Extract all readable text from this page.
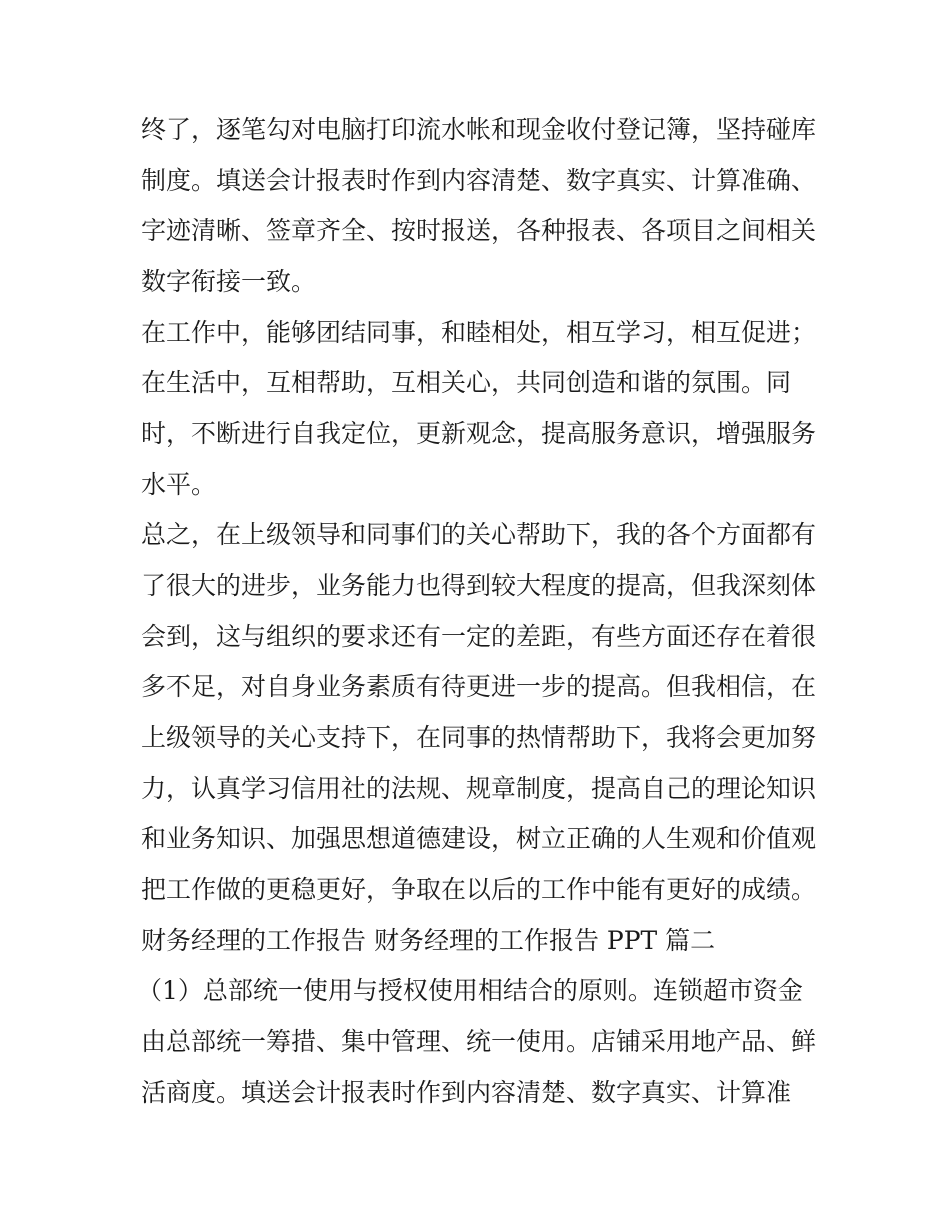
终了，逐笔勾对电脑打印流水帐和现金收付登记簿，坚持碰库
制度。填送会计报表时作到内容清楚、数字真实、计算准确、
字迹清晰、签章齐全、按时报送，各种报表、各项目之间相关
数字衔接一致。
在工作中，能够团结同事，和睦相处，相互学习，相互促进；
在生活中，互相帮助，互相关心，共同创造和谐的氛围。同
时，不断进行自我定位，更新观念，提高服务意识，增强服务
水平。
总之，在上级领导和同事们的关心帮助下，我的各个方面都有
了很大的进步，业务能力也得到较大程度的提高，但我深刻体
会到，这与组织的要求还有一定的差距，有些方面还存在着很
多不足，对自身业务素质有待更进一步的提高。但我相信，在
上级领导的关心支持下，在同事的热情帮助下，我将会更加努
力，认真学习信用社的法规、规章制度，提高自己的理论知识
和业务知识、加强思想道德建设，树立正确的人生观和价值观
把工作做的更稳更好，争取在以后的工作中能有更好的成绩。
财务经理的工作报告 财务经理的工作报告 PPT 篇二
（1）总部统一使用与授权使用相结合的原则。连锁超市资金
由总部统一筹措、集中管理、统一使用。店铺采用地产品、鲜
活商度。填送会计报表时作到内容清楚、数字真实、计算准
